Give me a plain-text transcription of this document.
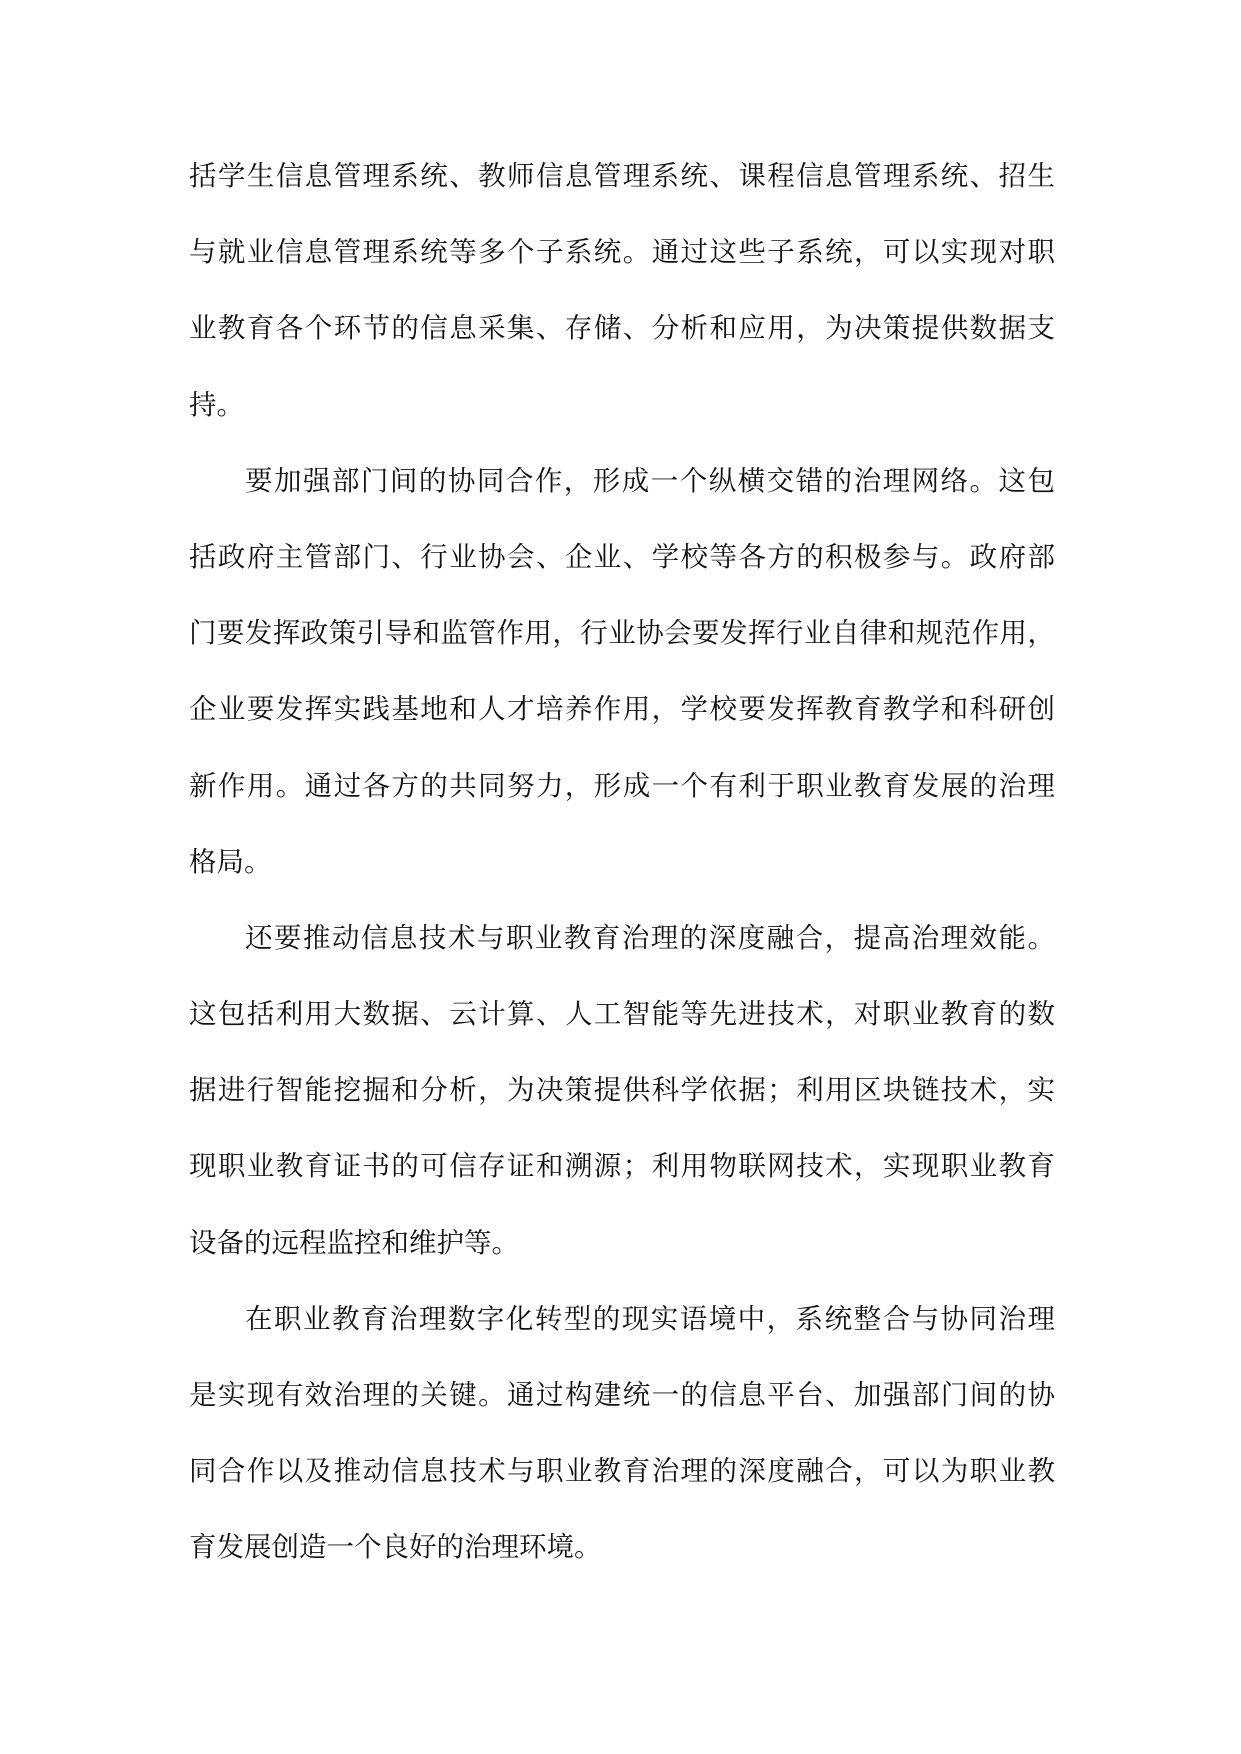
括学生信息管理系统、教师信息管理系统、课程信息管理系统、招生
与就业信息管理系统等多个子系统。通过这些子系统，可以实现对职
业教育各个环节的信息采集、存储、分析和应用，为决策提供数据支
持。
要加强部门间的协同合作，形成一个纵横交错的治理网络。这包
括政府主管部门、行业协会、企业、学校等各方的积极参与。政府部
门要发挥政策引导和监管作用，行业协会要发挥行业自律和规范作用，
企业要发挥实践基地和人才培养作用，学校要发挥教育教学和科研创
新作用。通过各方的共同努力，形成一个有利于职业教育发展的治理
格局。
还要推动信息技术与职业教育治理的深度融合，提高治理效能。
这包括利用大数据、云计算、人工智能等先进技术，对职业教育的数
据进行智能挖掘和分析，为决策提供科学依据；利用区块链技术，实
现职业教育证书的可信存证和溯源；利用物联网技术，实现职业教育
设备的远程监控和维护等。
在职业教育治理数字化转型的现实语境中，系统整合与协同治理
是实现有效治理的关键。通过构建统一的信息平台、加强部门间的协
同合作以及推动信息技术与职业教育治理的深度融合，可以为职业教
育发展创造一个良好的治理环境。
